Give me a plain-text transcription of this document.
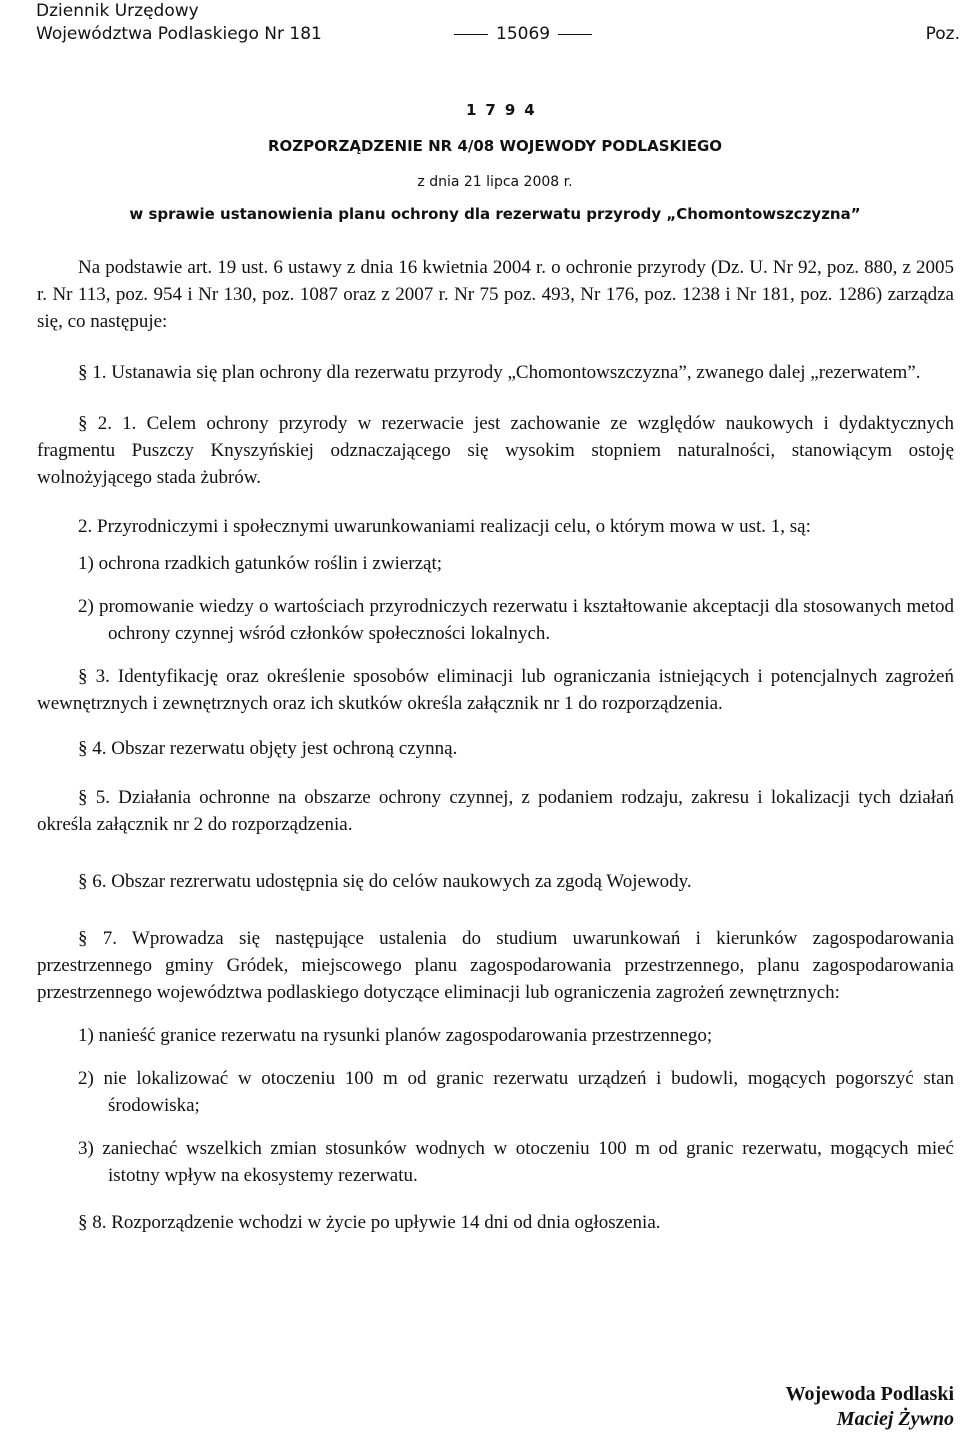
Dziennik Urzędowy
Województwa Podlaskiego Nr 181	15069	Poz.
1794
ROZPORZĄDZENIE NR 4/08 WOJEWODY PODLASKIEGO
z dnia 21 lipca 2008 r.
w sprawie ustanowienia planu ochrony dla rezerwatu przyrody „Chomontowszczyzna”

Na podstawie art. 19 ust. 6 ustawy z dnia 16 kwietnia 2004 r. o ochronie przyrody (Dz. U. Nr 92, poz. 880, z 2005 r. Nr 113, poz. 954 i Nr 130, poz. 1087 oraz z 2007 r. Nr 75 poz. 493, Nr 176, poz. 1238 i Nr 181, poz. 1286) zarządza się, co następuje:

§ 1. Ustanawia się plan ochrony dla rezerwatu przyrody „Chomontowszczyzna”, zwanego dalej „rezerwatem”.

§ 2. 1. Celem ochrony przyrody w rezerwacie jest zachowanie ze względów naukowych i dydaktycznych fragmentu Puszczy Knyszyńskiej odznaczającego się wysokim stopniem naturalności, stanowiącym ostoję wolnożyjącego stada żubrów.

2. Przyrodniczymi i społecznymi uwarunkowaniami realizacji celu, o którym mowa w ust. 1, są:

1) ochrona rzadkich gatunków roślin i zwierząt;

2) promowanie wiedzy o wartościach przyrodniczych rezerwatu i kształtowanie akceptacji dla stosowanych metod ochrony czynnej wśród członków społeczności lokalnych.

§ 3. Identyfikację oraz określenie sposobów eliminacji lub ograniczania istniejących i potencjalnych zagrożeń wewnętrznych i zewnętrznych oraz ich skutków określa załącznik nr 1 do rozporządzenia.

§ 4. Obszar rezerwatu objęty jest ochroną czynną.

§ 5. Działania ochronne na obszarze ochrony czynnej, z podaniem rodzaju, zakresu i lokalizacji tych działań określa załącznik nr 2 do rozporządzenia.

§ 6. Obszar rezrerwatu udostępnia się do celów naukowych za zgodą Wojewody.

§ 7. Wprowadza się następujące ustalenia do studium uwarunkowań i kierunków zagospodarowania przestrzennego gminy Gródek, miejscowego planu zagospodarowania przestrzennego, planu zagospodarowania przestrzennego województwa podlaskiego dotyczące eliminacji lub ograniczenia zagrożeń zewnętrznych:

1) nanieść granice rezerwatu na rysunki planów zagospodarowania przestrzennego;

2) nie lokalizować w otoczeniu 100 m od granic rezerwatu urządzeń i budowli, mogących pogorszyć stan środowiska;

3) zaniechać wszelkich zmian stosunków wodnych w otoczeniu 100 m od granic rezerwatu, mogących mieć istotny wpływ na ekosystemy rezerwatu.

§ 8. Rozporządzenie wchodzi w życie po upływie 14 dni od dnia ogłoszenia.

Wojewoda Podlaski
Maciej Żywno
